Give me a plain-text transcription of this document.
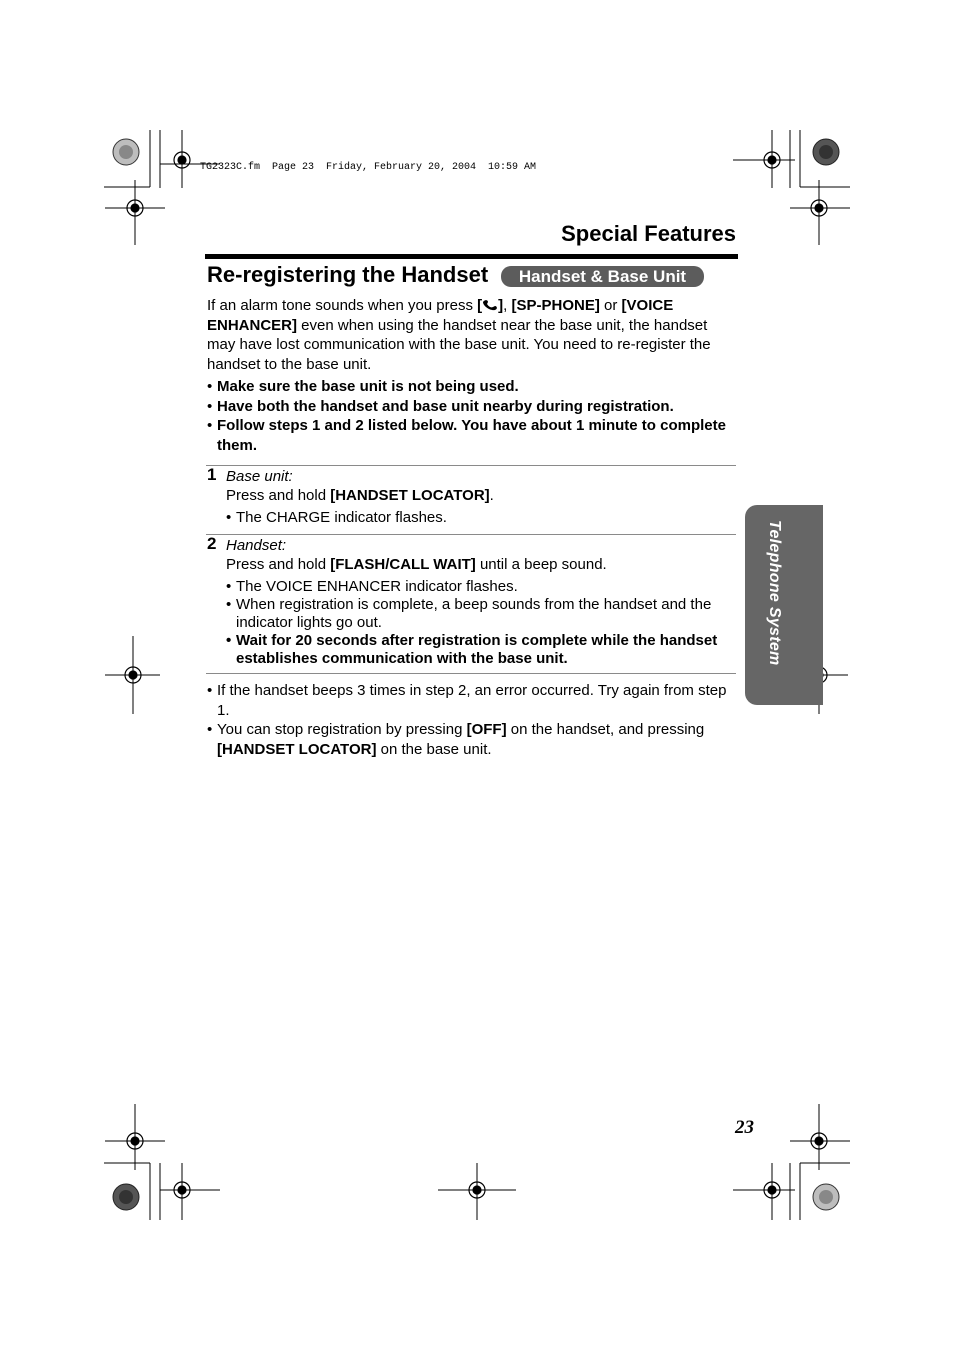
TG2323C.fm  Page 23  Friday, February 20, 2004  10:59 AM
Special Features
Re-registering the Handset	Handset & Base Unit
If an alarm tone sounds when you press [ ], [SP-PHONE] or [VOICE ENHANCER] even when using the handset near the base unit, the handset may have lost communication with the base unit. You need to re-register the handset to the base unit.
• Make sure the base unit is not being used.
• Have both the handset and base unit nearby during registration.
• Follow steps 1 and 2 listed below. You have about 1 minute to complete them.
1 Base unit:
Press and hold [HANDSET LOCATOR].
• The CHARGE indicator flashes.
2 Handset:
Press and hold [FLASH/CALL WAIT] until a beep sound.
• The VOICE ENHANCER indicator flashes.
• When registration is complete, a beep sounds from the handset and the indicator lights go out.
• Wait for 20 seconds after registration is complete while the handset establishes communication with the base unit.
• If the handset beeps 3 times in step 2, an error occurred. Try again from step 1.
• You can stop registration by pressing [OFF] on the handset, and pressing [HANDSET LOCATOR] on the base unit.
Telephone System
23
